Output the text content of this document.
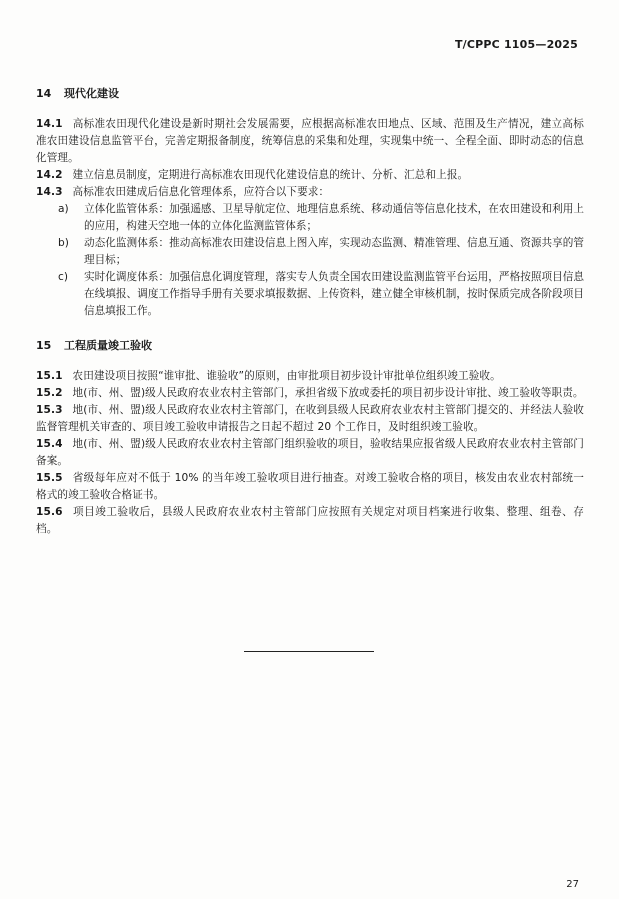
T/CPPC 1105—2025
14 现代化建设

14.1 高标准农田现代化建设是新时期社会发展需要，应根据高标准农田地点、区域、范围及生产情况，建立高标准农田建设信息监管平台，完善定期报备制度，统筹信息的采集和处理，实现集中统一、全程全面、即时动态的信息化管理。

14.2 建立信息员制度，定期进行高标准农田现代化建设信息的统计、分析、汇总和上报。

14.3 高标准农田建成后信息化管理体系，应符合以下要求：

a) 立体化监管体系：加强遥感、卫星导航定位、地理信息系统、移动通信等信息化技术，在农田建设和利用上的应用，构建天空地一体的立体化监测监管体系；

b) 动态化监测体系：推动高标准农田建设信息上图入库，实现动态监测、精准管理、信息互通、资源共享的管理目标；

c) 实时化调度体系：加强信息化调度管理，落实专人负责全国农田建设监测监管平台运用，严格按照项目信息在线填报、调度工作指导手册有关要求填报数据、上传资料，建立健全审核机制，按时保质完成各阶段项目信息填报工作。

15 工程质量竣工验收

15.1 农田建设项目按照“谁审批、谁验收”的原则，由审批项目初步设计审批单位组织竣工验收。

15.2 地(市、州、盟)级人民政府农业农村主管部门，承担省级下放或委托的项目初步设计审批、竣工验收等职责。

15.3 地(市、州、盟)级人民政府农业农村主管部门，在收到县级人民政府农业农村主管部门提交的、并经法人验收监督管理机关审查的、项目竣工验收申请报告之日起不超过 20 个工作日，及时组织竣工验收。

15.4 地(市、州、盟)级人民政府农业农村主管部门组织验收的项目，验收结果应报省级人民政府农业农村主管部门备案。

15.5 省级每年应对不低于 10% 的当年竣工验收项目进行抽查。对竣工验收合格的项目，核发由农业农村部统一格式的竣工验收合格证书。

15.6 项目竣工验收后，县级人民政府农业农村主管部门应按照有关规定对项目档案进行收集、整理、组卷、存档。

27
